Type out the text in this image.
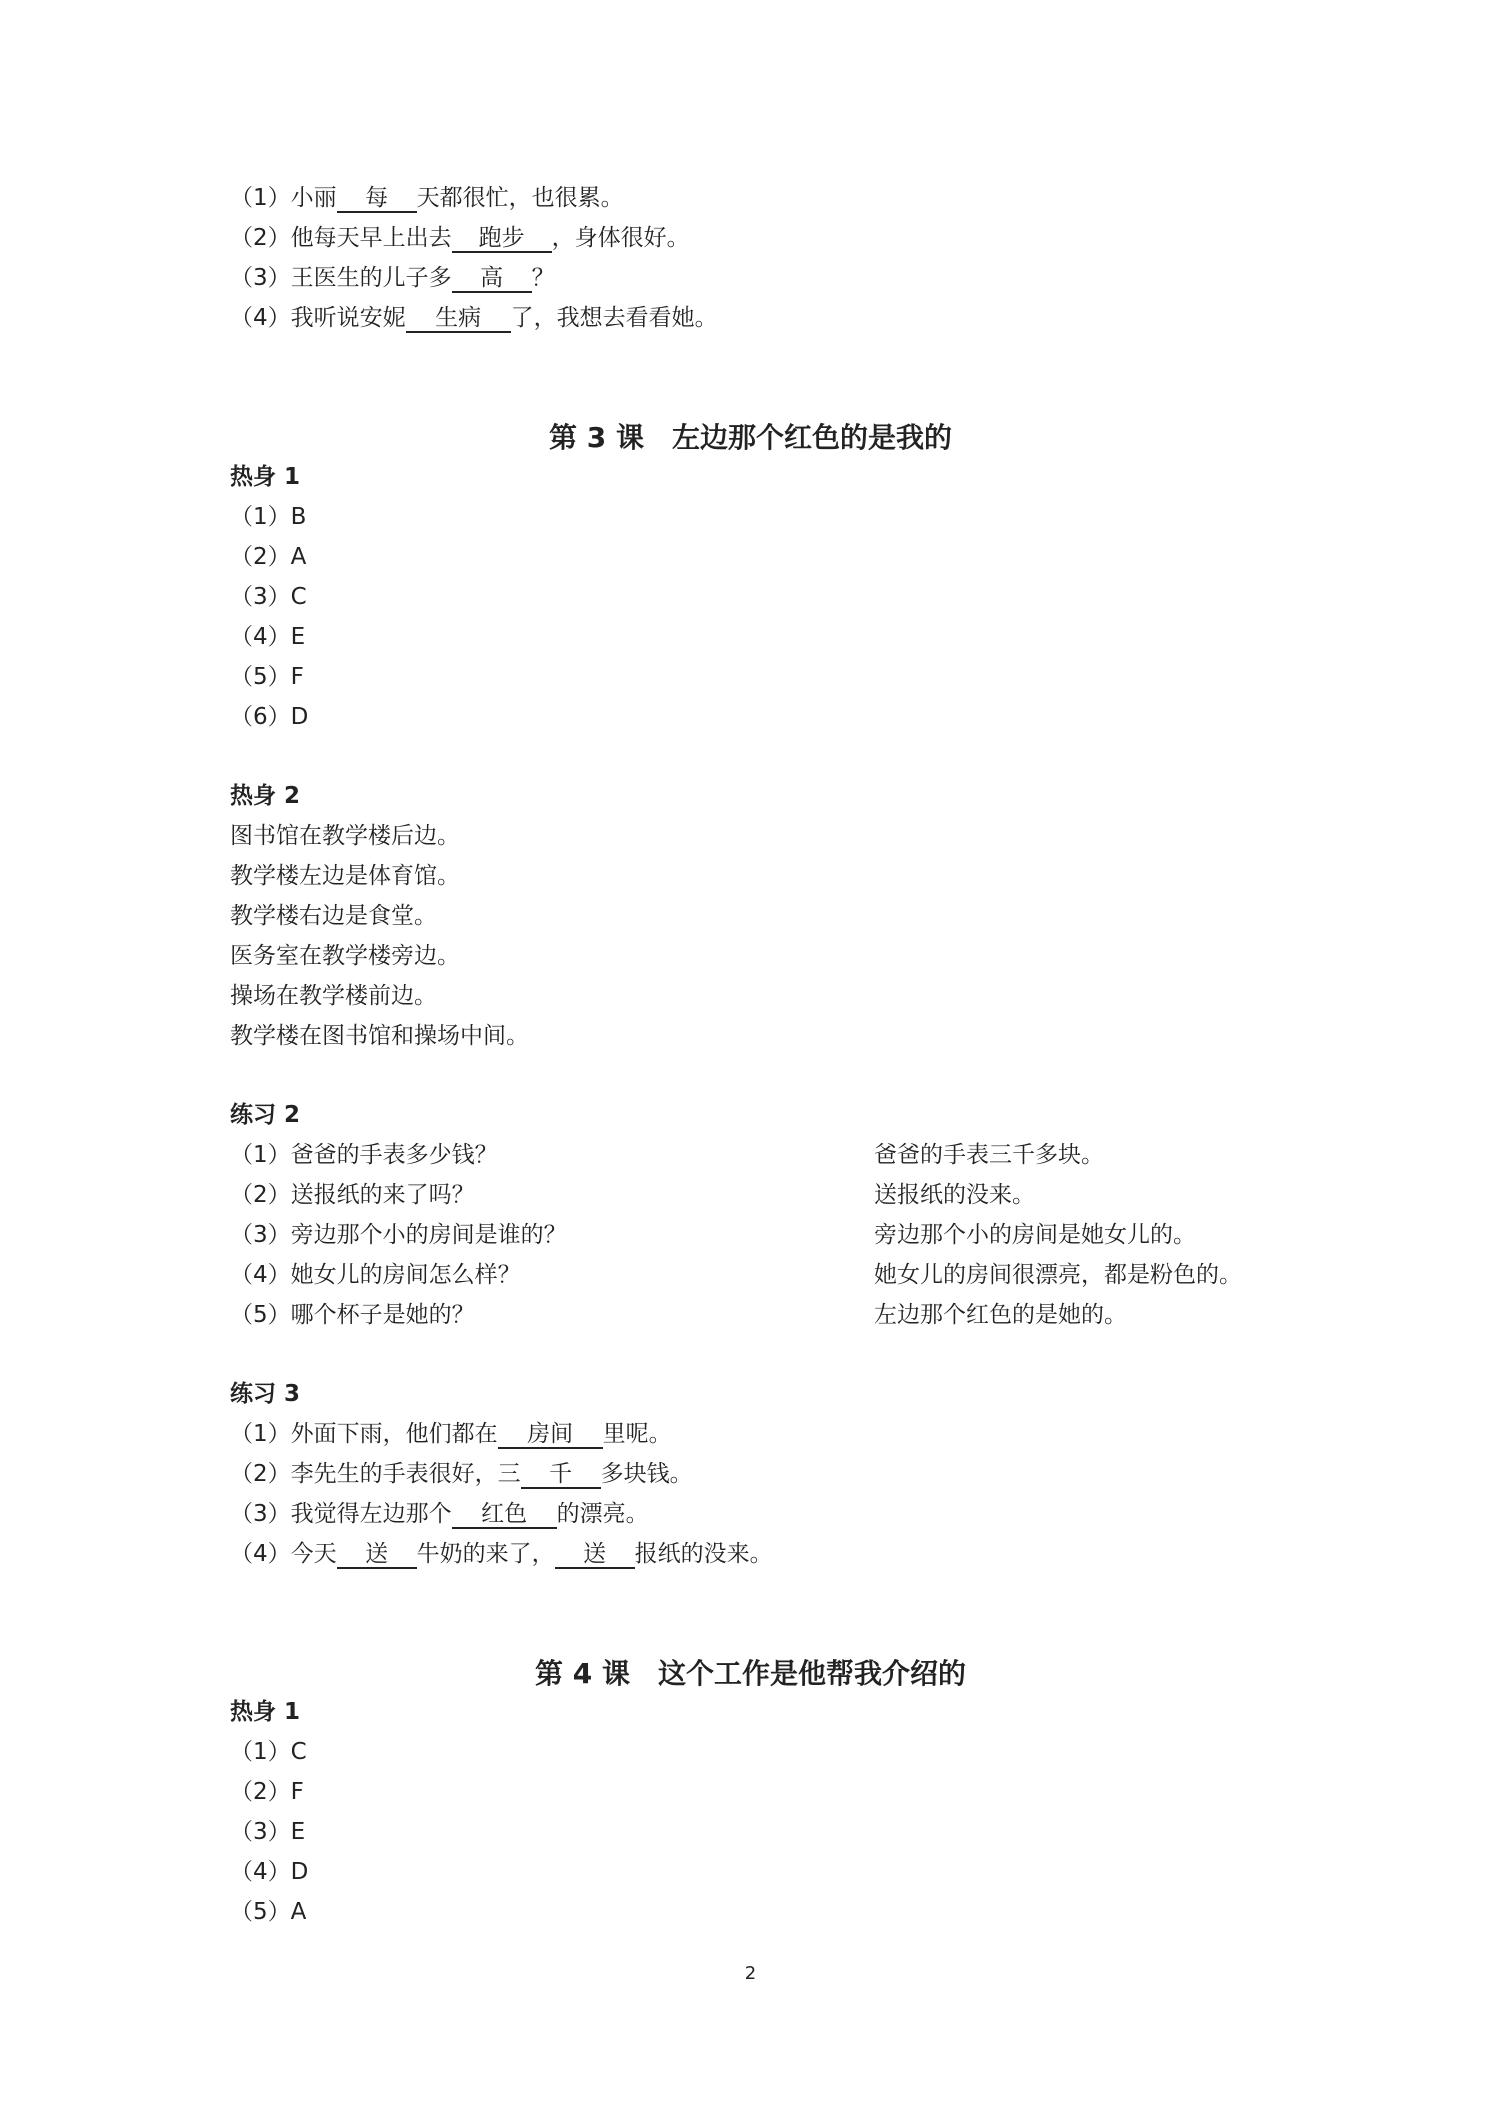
（1）小丽 每 天都很忙，也很累。
（2）他每天早上出去 跑步 ，身体很好。
（3）王医生的儿子多 高 ？
（4）我听说安妮 生病 了，我想去看看她。
第 3 课　左边那个红色的是我的
热身 1
（1）B
（2）A
（3）C
（4）E
（5）F
（6）D
热身 2
图书馆在教学楼后边。
教学楼左边是体育馆。
教学楼右边是食堂。
医务室在教学楼旁边。
操场在教学楼前边。
教学楼在图书馆和操场中间。
练习 2
（1）爸爸的手表多少钱？	爸爸的手表三千多块。
（2）送报纸的来了吗？	送报纸的没来。
（3）旁边那个小的房间是谁的？	旁边那个小的房间是她女儿的。
（4）她女儿的房间怎么样？	她女儿的房间很漂亮，都是粉色的。
（5）哪个杯子是她的？	左边那个红色的是她的。
练习 3
（1）外面下雨，他们都在 房间 里呢。
（2）李先生的手表很好，三 千 多块钱。
（3）我觉得左边那个 红色 的漂亮。
（4）今天 送 牛奶的来了， 送 报纸的没来。
第 4 课　这个工作是他帮我介绍的
热身 1
（1）C
（2）F
（3）E
（4）D
（5）A
2
